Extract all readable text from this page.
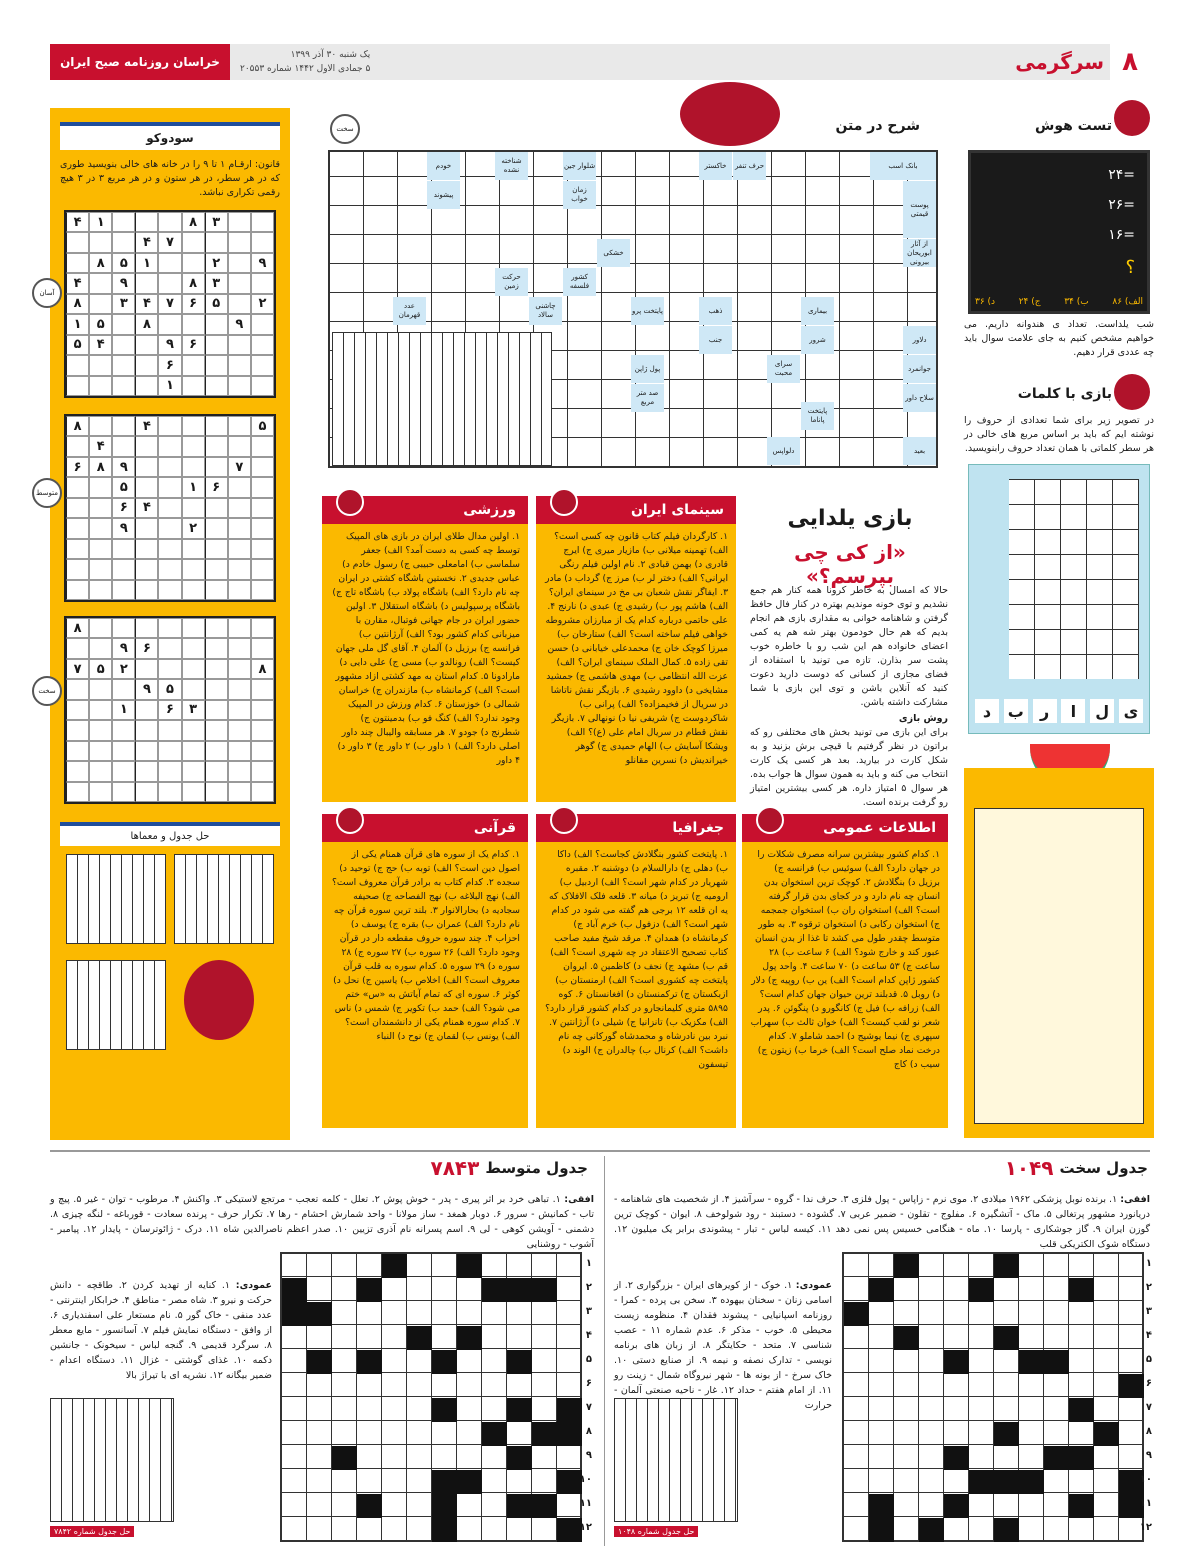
۸
سرگرمی
خراسان روزنامه صبح ایران	یک شنبه ۳۰ آذر ۱۳۹۹
۵ جمادی الاول ۱۴۴۲ شماره ۲۰۵۵۳
سودوکو
قانون: ارقـام ۱ تا ۹ را در خانه های خالی بنویسید طوری که در هر سطر، در هر ستون و در هر مربع ۳ در ۳ هیچ رقمی تکراری نباشد.
۳
۸
۱
۴
۷
۴
۹
۲
۱
۵
۸
۳
۸
۹
۴
۲
۵
۶
۷
۴
۳
۸
۹
۸
۵
۱
۶
۹
۴
۵
۶
۱
۵
۴
۸
۴
۷
۹
۸
۶
۶
۱
۵
۴
۶
۲
۹
۸
۶
۹
۸
۲
۵
۷
۵
۹
۳
۶
۱
آسان
متوسط
سخت
حل جدول و معماها
شرح در متن
سخت
بانک اسب
حرف تنفر
خاکستر
شلوار جین
زمان خواب
شناخته نشده
خودم
پیشوند
پوست قیمتی
از آثار ابوریحان بیرونی
خشکی
حرکت زمین
کشور فلسفه
بیماری
شرور
ذهب
پایتخت پرو
چاشنی سالاد
عدد قهرمان
جنب
سرای محبت
دلاور
جوانمرد
سلاح داور
پایتخت پاناما
دلواپس	بعید
پول ژاپن
صد متر مربع
تست هوش
=۲۴
=۲۶
=۱۶
؟
الف) ۸۶
ب) ۳۴
ج) ۲۴
د) ۳۶
شب یلداست. تعداد ی هندوانه داریم. می خواهیم مشخص کنیم به جای علامت سوال باید چه عددی قرار دهیم.
بازی با کلمات
در تصویر زیر برای شما تعدادی از حروف را نوشته ایم که باید بر اساس مربع های خالی در هر سطر کلماتی با همان تعداد حروف رابنویسید.
ی
ل
ا
ر
ب
د
بازی یلدایی
«از کی چی بپرسم؟»

حالا که امسال به خاطر کرونا همه کنار هم جمع نشدیم و توی خونه موندیم بهتره در کنار فال حافظ گرفتن و شاهنامه خوانی به مقداری بازی هم انجام بدیم که هم حال خودمون بهتر شه هم یه کمی اعضای خانواده هم این شب رو با خاطره خوب پشت سر بذارن. تازه می تونید با استفاده از فضای مجازی از کسانی که دوست دارید دعوت کنید که آنلاین باشن و توی این بازی با شما مشارکت داشته باشن.

روش بازی

برای این بازی می تونید بخش های مختلفی رو که براتون در نظر گرفتیم با قیچی برش بزنید و به شکل کارت در بیارید. بعد هر کسی یک کارت انتخاب می کنه و باید به همون سوال ها جواب بده. هر سوال ۵ امتیاز داره. هر کسی بیشترین امتیاز رو گرفت برنده است.

سینمای ایران
۱. کارگردان فیلم کتاب قانون چه کسی است؟ الف) تهمینه میلانی ب) مازیار میری ج) ایرج قادری د) بهمن قبادی ۲. نام اولین فیلم رنگی ایرانی؟ الف) دختر لر ب) مرز ج) گرداب د) مادر ۳. ایفاگر نقش شعبان بی مخ در سینمای ایران؟ الف) هاشم پور ب) رشیدی ج) عبدی د) نارنج ۴. علی حاتمی درباره کدام یک از مبارزان مشروطه خواهی فیلم ساخته است؟ الف) ستارخان ب) میرزا کوچک خان ج) محمدعلی خیابانی د) حسن تقی زاده ۵. کمال الملک سینمای ایران؟ الف) عزت الله انتظامی ب) مهدی هاشمی ج) جمشید مشایخی د) داوود رشیدی ۶. بازیگر نقش ناتاشا در سریال از فخیمزاده؟ الف) پرانی ب) شاکردوست ج) شریفی نیا د) نونهالی ۷. بازیگر نقش قطام در سریال امام علی (ع)؟ الف) ویشکا آسایش ب) الهام حمیدی ج) گوهر خیراندیش د) نسرین مقانلو
ورزشی
۱. اولین مدال طلای ایران در بازی های المپیک توسط چه کسی به دست آمد؟ الف) جعفر سلماسی ب) امامعلی حبیبی ج) رسول خادم د) عباس جدیدی ۲. نخستین باشگاه کشتی در ایران چه نام دارد؟ الف) باشگاه پولاد ب) باشگاه تاج ج) باشگاه پرسپولیس د) باشگاه استقلال ۳. اولین حضور ایران در جام جهانی فوتبال، مقارن با میزبانی کدام کشور بود؟ الف) آرژانتین ب) فرانسه ج) برزیل د) آلمان ۴. آقای گل ملی جهان کیست؟ الف) رونالدو ب) مسی ج) علی دایی د) مارادونا ۵. کدام استان به مهد کشتی ازاد مشهور است؟ الف) کرمانشاه ب) مازندران ج) خراسان شمالی د) خوزستان ۶. کدام ورزش در المپیک وجود ندارد؟ الف) کنگ فو ب) بدمینتون ج) شطرنج د) جودو ۷. هر مسابقه والیبال چند داور اصلی دارد؟ الف) ۱ داور ب) ۲ داور ج) ۳ داور د) ۴ داور
اطلاعات عمومی
۱. کدام کشور بیشترین سرانه مصرف شکلات را در جهان دارد؟ الف) سوئیس ب) فرانسه ج) برزیل د) بنگلادش ۲. کوچک ترین استخوان بدن انسان چه نام دارد و در کجای بدن قرار گرفته است؟ الف) استخوان ران ب) استخوان جمجمه ج) استخوان رکابی د) استخوان ترقوه ۳. به طور متوسط چقدر طول می کشد تا غذا از بدن انسان عبور کند و خارج شود؟ الف) ۶ ساعت ب) ۲۸ ساعت ج) ۵۳ ساعت د) ۷۰ ساعت ۴. واحد پول کشور ژاپن کدام است؟ الف) ین ب) روپیه ج) دلار د) روبل ۵. قدبلند ترین حیوان جهان کدام است؟ الف) زرافه ب) فیل ج) کانگورو د) پنگوئن ۶. پدر شعر نو لقب کیست؟ الف) خوان ثالث ب) سهراب سپهری ج) نیما یوشیج د) احمد شاملو ۷. کدام درخت نماد صلح است؟ الف) خرما ب) زیتون ج) سیب د) کاج
جغرافیا
۱. پایتخت کشور بنگلادش کجاست؟ الف) داکا ب) دهلی ج) دارالسلام د) دوشنبه ۲. مقبره شهریار در کدام شهر است؟ الف) اردبیل ب) ارومیه ج) تبریز د) میانه ۳. قلعه فلک الافلاک که یه ان قلعه ۱۲ برجی هم گفته می شود در کدام شهر است؟ الف) دزفول ب) خرم آباد ج) کرمانشاه د) همدان ۴. مرقد شیخ مفید صاحب کتاب تصحیح الاعتقاد در چه شهری است؟ الف) قم ب) مشهد ج) نجف د) کاظمین ۵. ایروان پایتخت چه کشوری است؟ الف) ارمنستان ب) ازبکستان ج) ترکمنستان د) افغانستان ۶. کوه ۵۸۹۵ متری کلیمانجارو در کدام کشور قرار دارد؟ الف) مکزیک ب) تانزانیا ج) شیلی د) آرژانتین ۷. نبرد بین نادرشاه و محمدشاه گورکانی چه نام داشت؟ الف) کرنال ب) چالدران ج) الوند د) تیسفون
قرآنی
۱. کدام یک از سوره های قرآن همنام یکی از اصول دین است؟ الف) توبه ب) حج ج) توحید د) سجده ۲. کدام کتاب به برادر قرآن معروف است؟ الف) نهج البلاغه ب) نهج الفصاحه ج) صحیفه سجادیه د) بحارالانوار ۳. بلند ترین سوره قرآن چه نام دارد؟ الف) عمران ب) بقره ج) یوسف د) احزاب ۴. چند سوره حروف مقطعه دار در قرآن وجود دارد؟ الف) ۲۶ سوره ب) ۲۷ سوره ج) ۲۸ سوره د) ۲۹ سوره ۵. کدام سوره به قلب قرآن معروف است؟ الف) اخلاص ب) یاسین ج) نحل د) کوثر ۶. سوره ای که تمام آیاتش به «س» ختم می شود؟ الف) حمد ب) تکویر ج) شمس د) ناس ۷. کدام سوره همنام یکی از دانشمندان است؟ الف) یونس ب) لقمان ج) نوح د) النباء
جدول سخت
۱۰۴۹
افقی: ۱. برنده نوبل پزشکی ۱۹۶۲ میلادی ۲. موی نرم - زاپاس - پول فلزی ۳. حرف ندا - گروه - سرآشیز ۴. از شخصیت های شاهنامه - دریانورد مشهور پرتغالی ۵. ماک - آتشگیره ۶. مفلوج - تقلون - ضمیر عربی ۷. گشوده - دستبند - رود شولوخف ۸. ایوان - کوچک ترین گوزن ایران ۹. گاز جوشکاری - پارسا ۱۰. ماه - هنگامی خسیس پس نمی دهد ۱۱. کیسه لباس - تبار - پیشوندی برابر یک میلیون ۱۲. دستگاه شوک الکتریکی قلب
عمودی: ۱. خوک - از کویرهای ایران - بزرگواری ۲. از اسامی زنان - سخنان بیهوده ۳. سخن بی پرده - کمرا - روزنامه اسپانیایی - پیشوند فقدان ۴. منظومه زیست محیطی ۵. خوب - مذکر ۶. عدم شماره ۱۱ - عصب شناسی ۷. متحد - حکایتگر ۸. از زبان های برنامه نویسی - تدارک نصفه و نیمه ۹. از صنایع دستی ۱۰. خاک سرخ - از بونه ها - شهر نیروگاه شمال - زینت رو ۱۱. از امام هفتم - حداد ۱۲. غار - ناحیه صنعتی آلمان - حرارت
۱
۲
۳
۴
۵
۶
۷
۸
۹
۱۰
۱۱
۱۲
حل جدول شماره ۱۰۴۸
جدول متوسط
۷۸۴۳
افقی: ۱. تباهی خرد بر اثر پیری - پدر - خوش پوش ۲. تعلل - کلمه تعجب - مرتجع لاستیکی ۳. واکنش ۴. مرطوب - توان - غیر ۵. پیچ و تاب - کمانیش - سرور ۶. دوبار همغد - ساز مولانا - واحد شمارش احشام - رها ۷. تکرار حرف - پرنده سعادت - قورباغه - لنگه چیزی ۸. دشمنی - آویشن کوهی - لی ۹. اسم پسرانه نام آذری تزیین ۱۰. صدر اعظم ناصرالدین شاه ۱۱. درک - ژائوترسان - پایدار ۱۲. پیامبر - آشوب - روشنایی
عمودی: ۱. کنایه از تهدید کردن ۲. طاقچه - دانش حرکت و نیرو ۳. شاه مصر - مناطق ۴. خرابکار اینترنتی - عدد منفی - خاک گور ۵. نام مستعار علی اسفندیاری ۶. از وافق - دستگاه نمایش فیلم ۷. آسانسور - مایع معطر ۸. سرگرد قدیمی ۹. گنجه لباس - سیخونک - جانشین دکمه ۱۰. غذای گوشتی - غزال ۱۱. دستگاه اعدام - ضمیر بیگانه ۱۲. نشریه ای با تیراژ بالا
۱
۲
۳
۴
۵
۶
۷
۸
۹
۱۰
۱۱
۱۲
حل جدول شماره ۷۸۴۲
